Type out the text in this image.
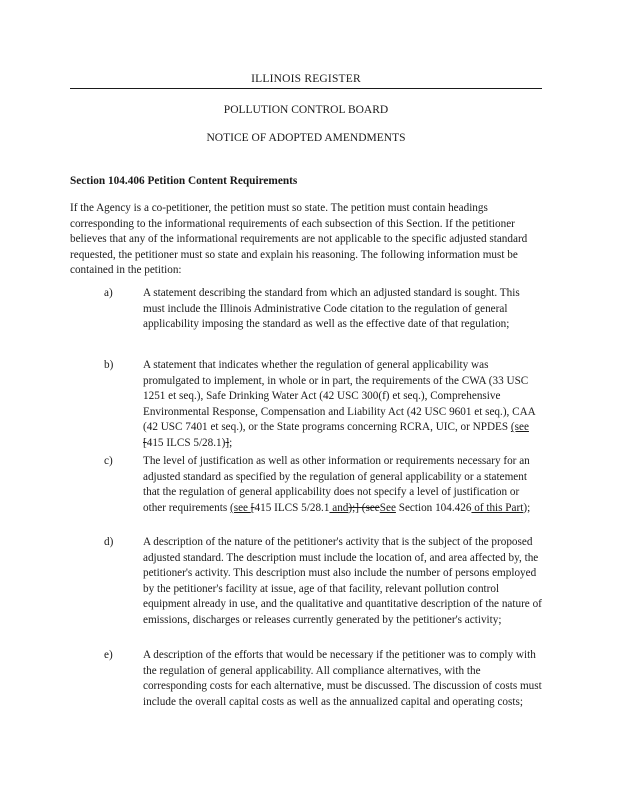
ILLINOIS REGISTER
POLLUTION CONTROL BOARD
NOTICE OF ADOPTED AMENDMENTS
Section 104.406 Petition Content Requirements

If the Agency is a co-petitioner, the petition must so state. The petition must contain headings corresponding to the informational requirements of each subsection of this Section. If the petitioner believes that any of the informational requirements are not applicable to the specific adjusted standard requested, the petitioner must so state and explain his reasoning. The following information must be contained in the petition:

a)	A statement describing the standard from which an adjusted standard is sought. This must include the Illinois Administrative Code citation to the regulation of general applicability imposing the standard as well as the effective date of that regulation;

b)	A statement that indicates whether the regulation of general applicability was promulgated to implement, in whole or in part, the requirements of the CWA (33 USC 1251 et seq.), Safe Drinking Water Act (42 USC 300(f) et seq.), Comprehensive Environmental Response, Compensation and Liability Act (42 USC 9601 et seq.), CAA (42 USC 7401 et seq.), or the State programs concerning RCRA, UIC, or NPDES (see [415 ILCS 5/28.1)];

c)	The level of justification as well as other information or requirements necessary for an adjusted standard as specified by the regulation of general applicability or a statement that the regulation of general applicability does not specify a level of justification or other requirements (see [415 ILCS 5/28.1 and);] (seeSee Section 104.426 of this Part);

d)	A description of the nature of the petitioner's activity that is the subject of the proposed adjusted standard. The description must include the location of, and area affected by, the petitioner's activity. This description must also include the number of persons employed by the petitioner's facility at issue, age of that facility, relevant pollution control equipment already in use, and the qualitative and quantitative description of the nature of emissions, discharges or releases currently generated by the petitioner's activity;

e)	A description of the efforts that would be necessary if the petitioner was to comply with the regulation of general applicability. All compliance alternatives, with the corresponding costs for each alternative, must be discussed. The discussion of costs must include the overall capital costs as well as the annualized capital and operating costs;
